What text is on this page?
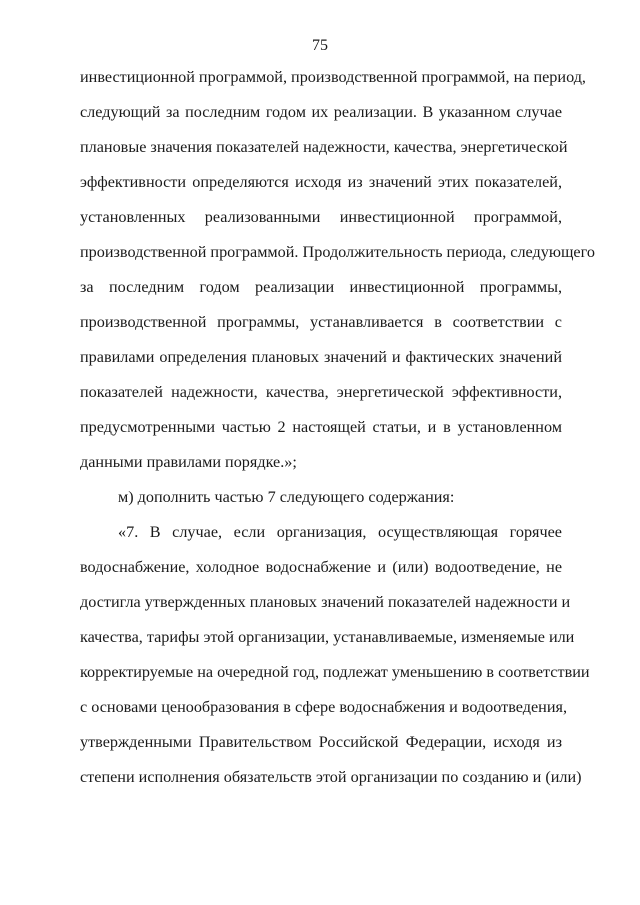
75
инвестиционной программой, производственной программой, на период,
следующий за последним годом их реализации. В указанном случае
плановые значения показателей надежности, качества, энергетической
эффективности определяются исходя из значений этих показателей,
установленных реализованными инвестиционной программой,
производственной программой. Продолжительность периода, следующего
за последним годом реализации инвестиционной программы,
производственной программы, устанавливается в соответствии с
правилами определения плановых значений и фактических значений
показателей надежности, качества, энергетической эффективности,
предусмотренными частью 2 настоящей статьи, и в установленном
данными правилами порядке.»;
м) дополнить частью 7 следующего содержания:
«7. В случае, если организация, осуществляющая горячее
водоснабжение, холодное водоснабжение и (или) водоотведение, не
достигла утвержденных плановых значений показателей надежности и
качества, тарифы этой организации, устанавливаемые, изменяемые или
корректируемые на очередной год, подлежат уменьшению в соответствии
с основами ценообразования в сфере водоснабжения и водоотведения,
утвержденными Правительством Российской Федерации, исходя из
степени исполнения обязательств этой организации по созданию и (или)
